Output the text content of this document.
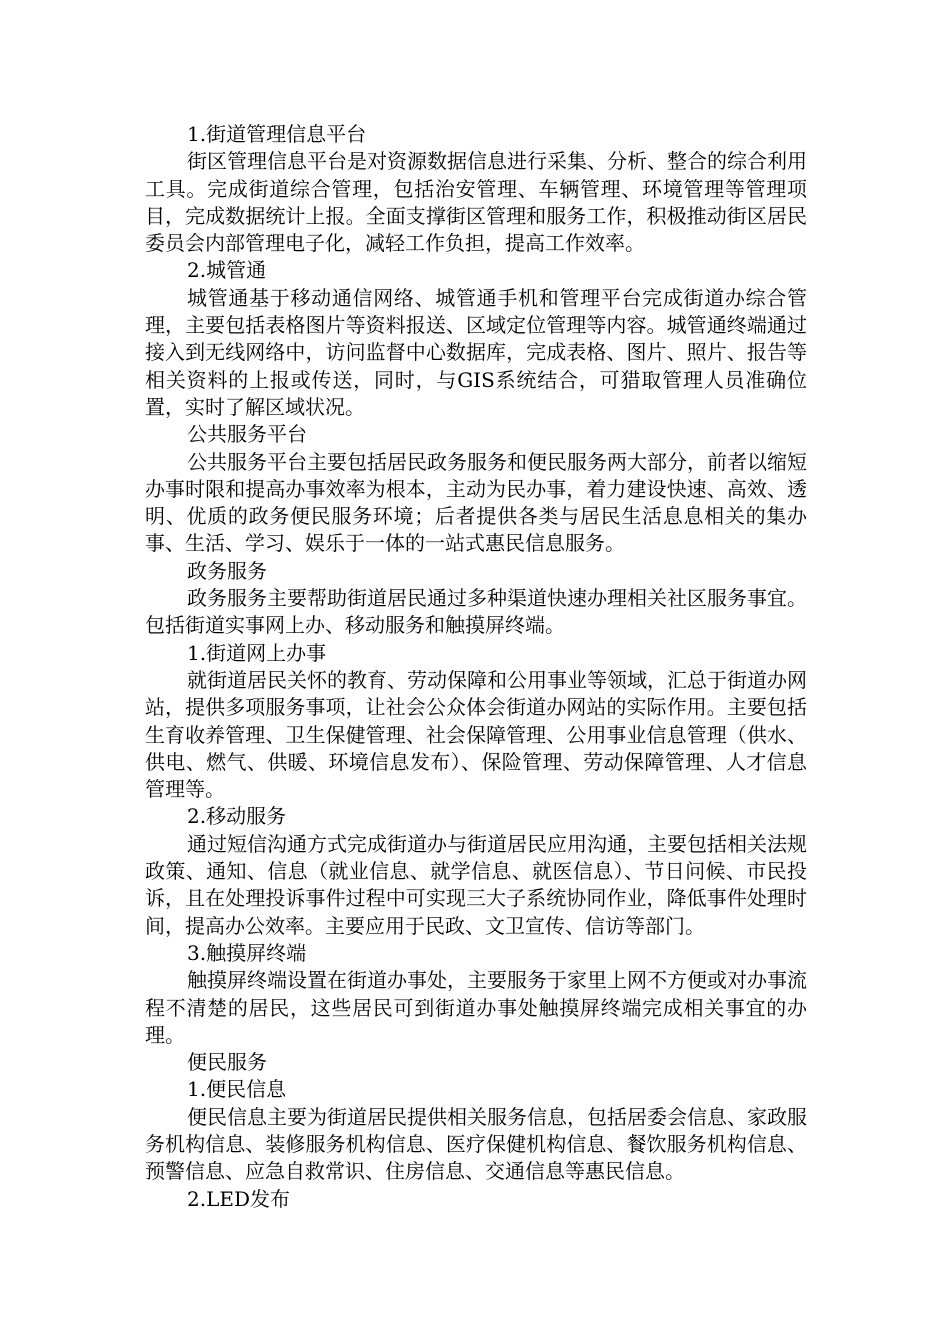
1.街道管理信息平台

街区管理信息平台是对资源数据信息进行采集、分析、整合的综合利用工具。完成街道综合管理，包括治安管理、车辆管理、环境管理等管理项目，完成数据统计上报。全面支撑街区管理和服务工作，积极推动街区居民委员会内部管理电子化，减轻工作负担，提高工作效率。

2.城管通

城管通基于移动通信网络、城管通手机和管理平台完成街道办综合管理，主要包括表格图片等资料报送、区域定位管理等内容。城管通终端通过接入到无线网络中，访问监督中心数据库，完成表格、图片、照片、报告等相关资料的上报或传送，同时，与GIS系统结合，可猎取管理人员准确位置，实时了解区域状况。

公共服务平台

公共服务平台主要包括居民政务服务和便民服务两大部分，前者以缩短办事时限和提高办事效率为根本，主动为民办事，着力建设快速、高效、透明、优质的政务便民服务环境；后者提供各类与居民生活息息相关的集办事、生活、学习、娱乐于一体的一站式惠民信息服务。

政务服务

政务服务主要帮助街道居民通过多种渠道快速办理相关社区服务事宜。包括街道实事网上办、移动服务和触摸屏终端。

1.街道网上办事

就街道居民关怀的教育、劳动保障和公用事业等领域，汇总于街道办网站，提供多项服务事项，让社会公众体会街道办网站的实际作用。主要包括生育收养管理、卫生保健管理、社会保障管理、公用事业信息管理（供水、供电、燃气、供暖、环境信息发布）、保险管理、劳动保障管理、人才信息管理等。

2.移动服务

通过短信沟通方式完成街道办与街道居民应用沟通，主要包括相关法规政策、通知、信息（就业信息、就学信息、就医信息）、节日问候、市民投诉，且在处理投诉事件过程中可实现三大子系统协同作业，降低事件处理时间，提高办公效率。主要应用于民政、文卫宣传、信访等部门。

3.触摸屏终端

触摸屏终端设置在街道办事处，主要服务于家里上网不方便或对办事流程不清楚的居民，这些居民可到街道办事处触摸屏终端完成相关事宜的办理。

便民服务

1.便民信息

便民信息主要为街道居民提供相关服务信息，包括居委会信息、家政服务机构信息、装修服务机构信息、医疗保健机构信息、餐饮服务机构信息、预警信息、应急自救常识、住房信息、交通信息等惠民信息。

2.LED发布
